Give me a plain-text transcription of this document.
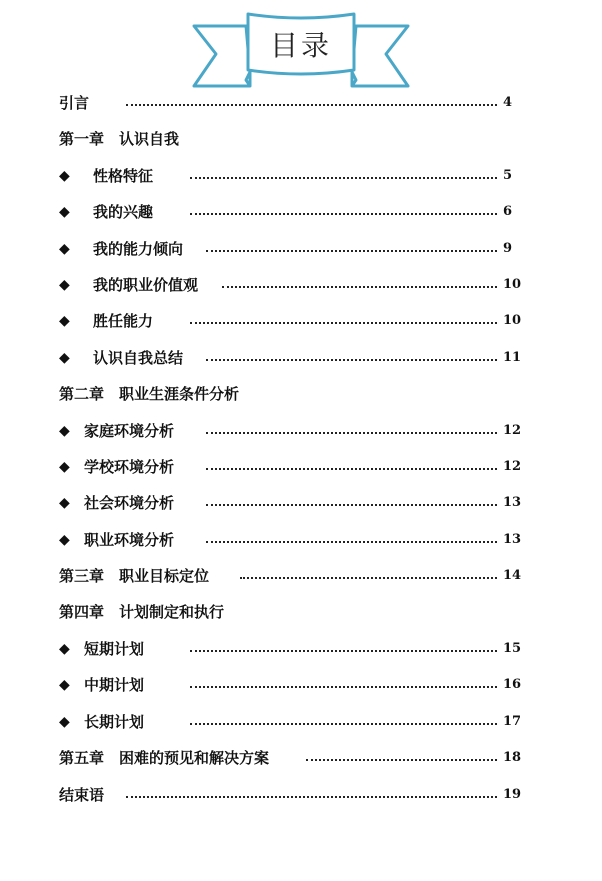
目录
引言	4
第一章　认识自我
◆ 性格特征	5
◆ 我的兴趣	6
◆ 我的能力倾向	9
◆ 我的职业价值观	10
◆ 胜任能力	10
◆ 认识自我总结	11
第二章　职业生涯条件分析
◆ 家庭环境分析	12
◆ 学校环境分析	12
◆ 社会环境分析	13
◆ 职业环境分析	13
第三章　职业目标定位	14
第四章　计划制定和执行
◆ 短期计划	15
◆ 中期计划	16
◆ 长期计划	17
第五章　困难的预见和解决方案	18
结束语	19
